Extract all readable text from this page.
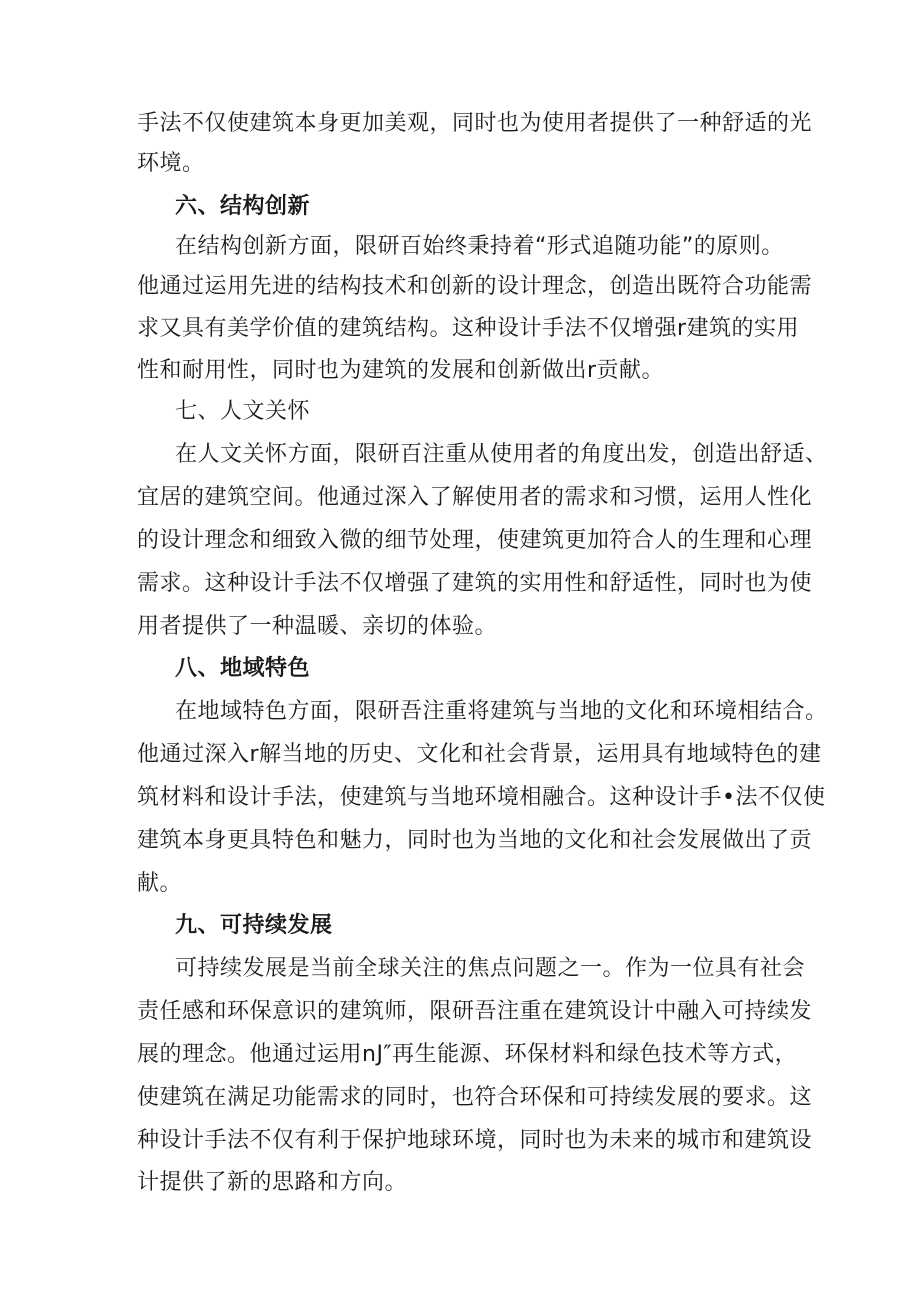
手法不仅使建筑本身更加美观，同时也为使用者提供了一种舒适的光
环境。
六、结构创新
在结构创新方面，限研百始终秉持着“形式追随功能”的原则。
他通过运用先进的结构技术和创新的设计理念，创造出既符合功能需
求又具有美学价值的建筑结构。这种设计手法不仅增强r建筑的实用
性和耐用性，同时也为建筑的发展和创新做出r贡献。
七、人文关怀
在人文关怀方面，限研百注重从使用者的角度出发，创造出舒适、
宜居的建筑空间。他通过深入了解使用者的需求和习惯，运用人性化
的设计理念和细致入微的细节处理，使建筑更加符合人的生理和心理
需求。这种设计手法不仅增强了建筑的实用性和舒适性，同时也为使
用者提供了一种温暖、亲切的体验。
八、地域特色
在地域特色方面，限研吾注重将建筑与当地的文化和环境相结合。
他通过深入r解当地的历史、文化和社会背景，运用具有地域特色的建
筑材料和设计手法，使建筑与当地环境相融合。这种设计手•法不仅使
建筑本身更具特色和魅力，同时也为当地的文化和社会发展做出了贡
献。
九、可持续发展
可持续发展是当前全球关注的焦点问题之一。作为一位具有社会
责任感和环保意识的建筑师，限研吾注重在建筑设计中融入可持续发
展的理念。他通过运用nJ″再生能源、环保材料和绿色技术等方式，
使建筑在满足功能需求的同时，也符合环保和可持续发展的要求。这
种设计手法不仅有利于保护地球环境，同时也为未来的城市和建筑设
计提供了新的思路和方向。
